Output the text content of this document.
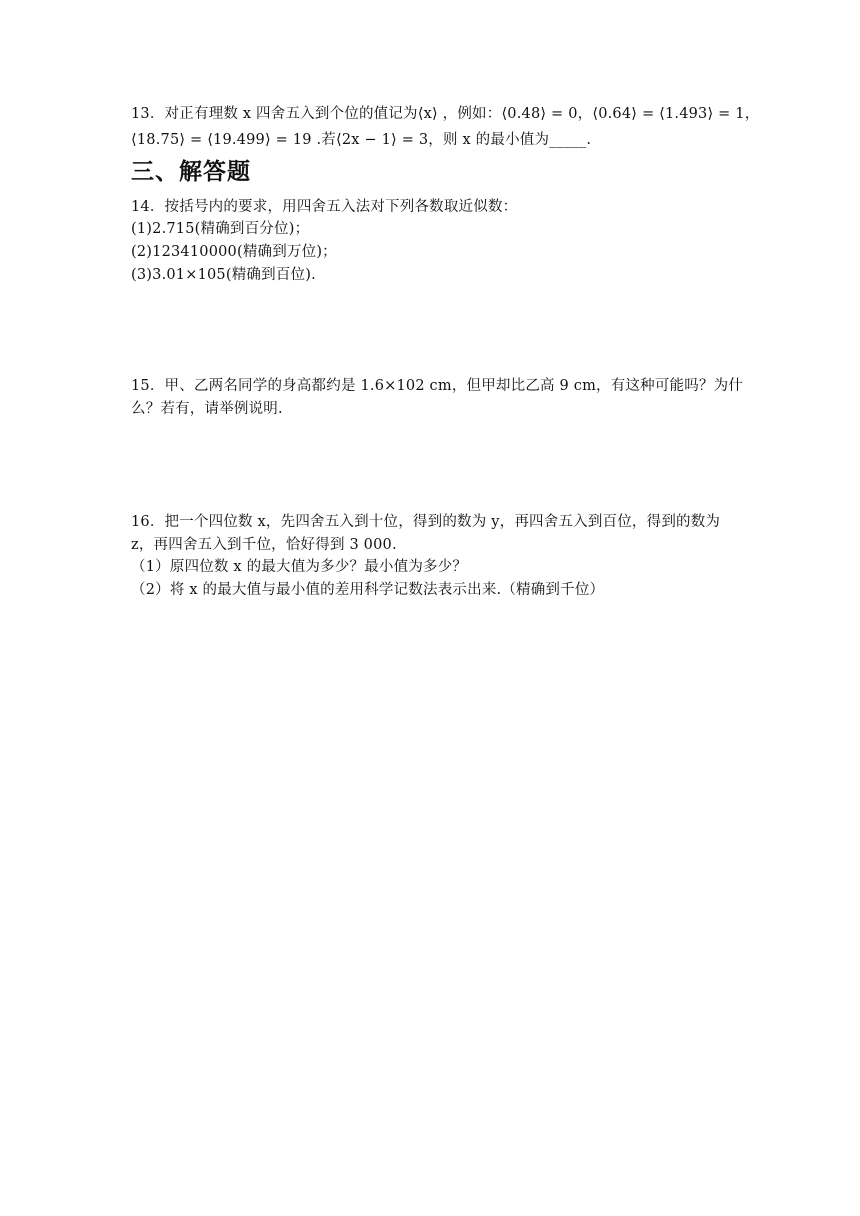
13．对正有理数 x 四舍五入到个位的值记为⟨x⟩ ，例如：⟨0.48⟩ = 0，⟨0.64⟩ = ⟨1.493⟩ = 1，
⟨18.75⟩ = ⟨19.499⟩ = 19 .若⟨2x − 1⟩ = 3，则 x 的最小值为_____.
三、解答题
14．按括号内的要求，用四舍五入法对下列各数取近似数：
(1)2.715(精确到百分位)；
(2)123410000(精确到万位)；
(3)3.01×105(精确到百位).
15．甲、乙两名同学的身高都约是 1.6×102 cm，但甲却比乙高 9 cm，有这种可能吗？为什
么？若有，请举例说明.
16．把一个四位数 x，先四舍五入到十位，得到的数为 y，再四舍五入到百位，得到的数为
z，再四舍五入到千位，恰好得到 3 000.
（1）原四位数 x 的最大值为多少？最小值为多少？
（2）将 x 的最大值与最小值的差用科学记数法表示出来.（精确到千位）
